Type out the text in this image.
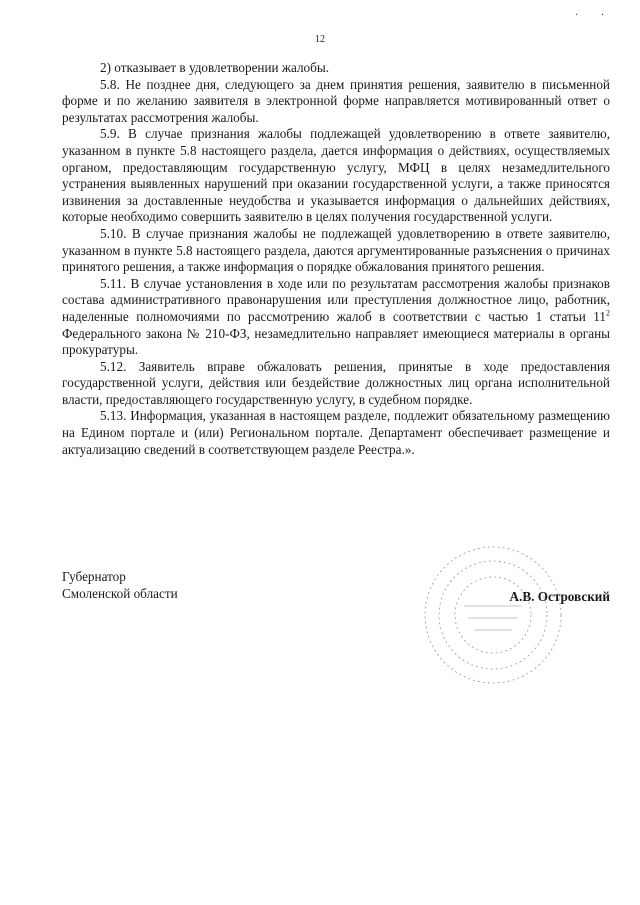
12
· ·

2) отказывает в удовлетворении жалобы.

5.8. Не позднее дня, следующего за днем принятия решения, заявителю в письменной форме и по желанию заявителя в электронной форме направляется мотивированный ответ о результатах рассмотрения жалобы.

5.9. В случае признания жалобы подлежащей удовлетворению в ответе заявителю, указанном в пункте 5.8 настоящего раздела, дается информация о действиях, осуществляемых органом, предоставляющим государственную услугу, МФЦ в целях незамедлительного устранения выявленных нарушений при оказании государственной услуги, а также приносятся извинения за доставленные неудобства и указывается информация о дальнейших действиях, которые необходимо совершить заявителю в целях получения государственной услуги.

5.10. В случае признания жалобы не подлежащей удовлетворению в ответе заявителю, указанном в пункте 5.8 настоящего раздела, даются аргументированные разъяснения о причинах принятого решения, а также информация о порядке обжалования принятого решения.

5.11. В случае установления в ходе или по результатам рассмотрения жалобы признаков состава административного правонарушения или преступления должностное лицо, работник, наделенные полномочиями по рассмотрению жалоб в соответствии с частью 1 статьи $11^2$ Федерального закона № 210-ФЗ, незамедлительно направляет имеющиеся материалы в органы прокуратуры.

5.12. Заявитель вправе обжаловать решения, принятые в ходе предоставления государственной услуги, действия или бездействие должностных лиц органа исполнительной власти, предоставляющего государственную услугу, в судебном порядке.

5.13. Информация, указанная в настоящем разделе, подлежит обязательному размещению на Едином портале и (или) Региональном портале. Департамент обеспечивает размещение и актуализацию сведений в соответствующем разделе Реестра.».

Губернатор
Смоленской области	А.В. Островский
